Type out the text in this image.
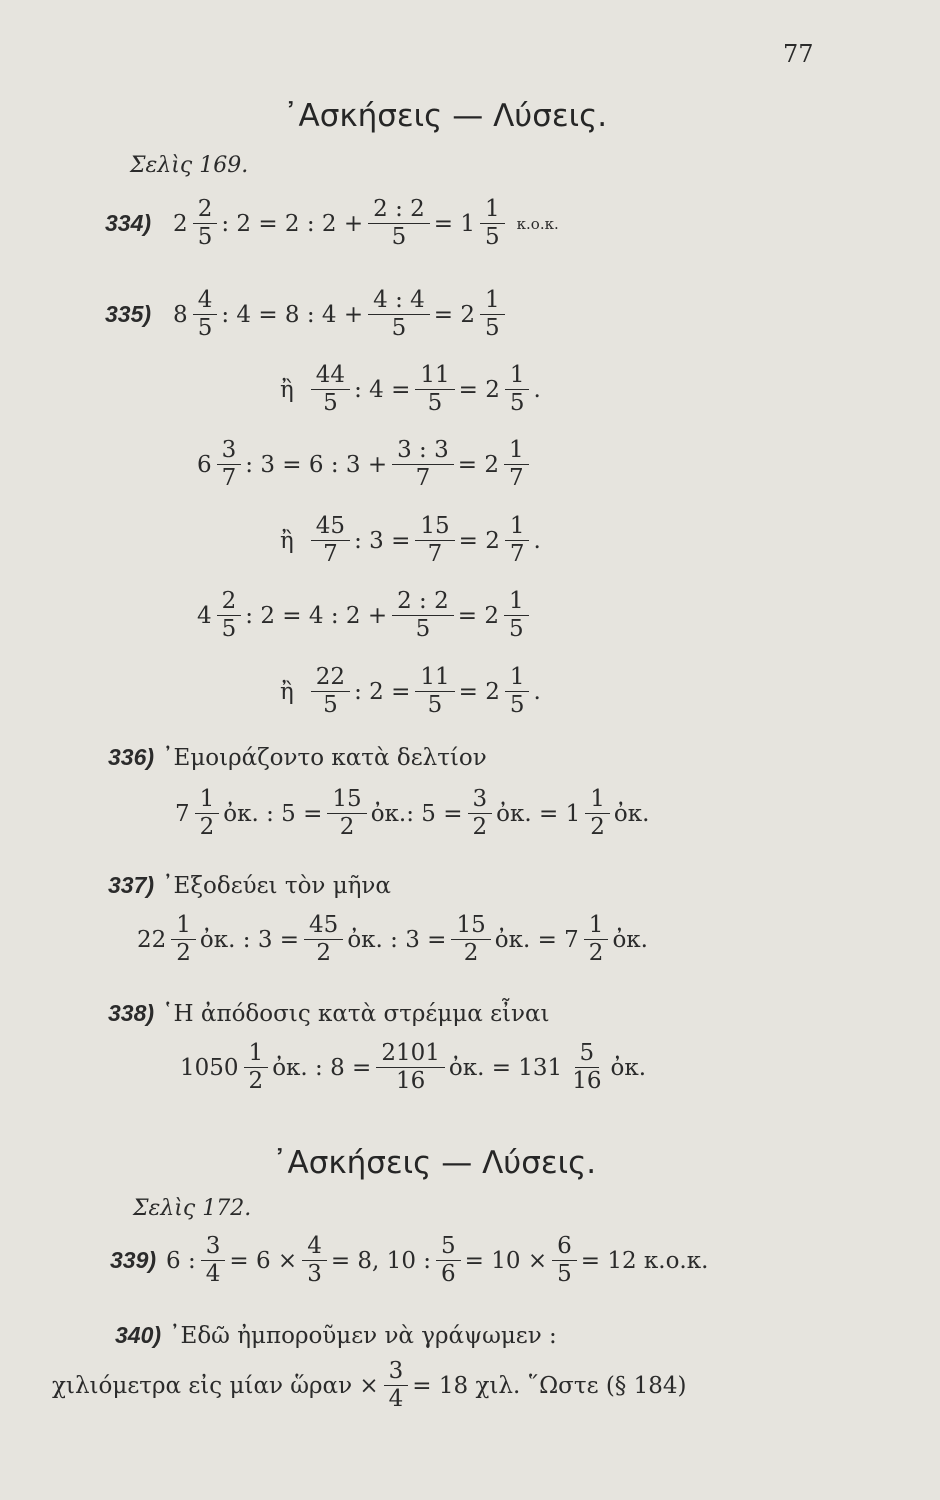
77
᾿Ασκήσεις — Λύσεις.
Σελὶς 169.
334) $2 \frac{2}{5}$ : 2 = 2 : $2 + \frac{2 : 2}{5} = 1 \frac{1}{5} \kappa.o.\kappa$.
335) $8 \frac{4}{5}$ : 4 = 8 : $4 + \frac{4 : 4}{5} = 2 \frac{1}{5}$
ἢ $\frac{44}{5}$ : $4 = \frac{11}{5} = 2 \frac{1}{5}$ .
$6 \frac{3}{7}$ : 3 = 6 : $3 + \frac{3 : 3}{7} = 2 \frac{1}{7}$
ἢ $\frac{45}{7}$ : $3 = \frac{15}{7} = 2 \frac{1}{7}$ .
$4 \frac{2}{5}$ : 2 = 4 : $2 + \frac{2 : 2}{5} = 2 \frac{1}{5}$
ἢ $\frac{22}{5}$ : $2 = \frac{11}{5} = 2 \frac{1}{5}$ .
336) ᾿Εμοιράζοντο κατὰ δελτίον
$7 \frac{1}{2}$ ὀκ. : $5 = \frac{15}{2}$ ὀκ.: $5 = \frac{3}{2}$ ὀκ. = $1 \frac{1}{2}$ ὀκ.
337) ᾿Εξοδεύει τὸν μῆνα
$22 \frac{1}{2}$ ὀκ. : $3 = \frac{45}{2}$ ὀκ. : $3 = \frac{15}{2}$ ὀκ. = $7 \frac{1}{2}$ ὀκ.
338) ῾Η ἀπόδοσις κατὰ στρέμμα εἶναι
$1050 \frac{1}{2}$ ὀκ. : $8 = \frac{2101}{16}$ ὀκ. = $131 \frac{5}{16}$ ὀκ.
᾿Ασκήσεις — Λύσεις.
Σελὶς 172.
339) 6 : $\frac{3}{4} = 6 \times \frac{4}{3} = 8$, 10 : $\frac{5}{6} = 10 \times \frac{6}{5} = 12$ κ.ο.κ.
340) ᾿Εδῶ ἠμποροῦμεν νὰ γράψωμεν :
χιλιόμετρα εἰς μίαν ὥραν × $\frac{3}{4} = 18$ χιλ. ῞Ωστε (§ 184)
